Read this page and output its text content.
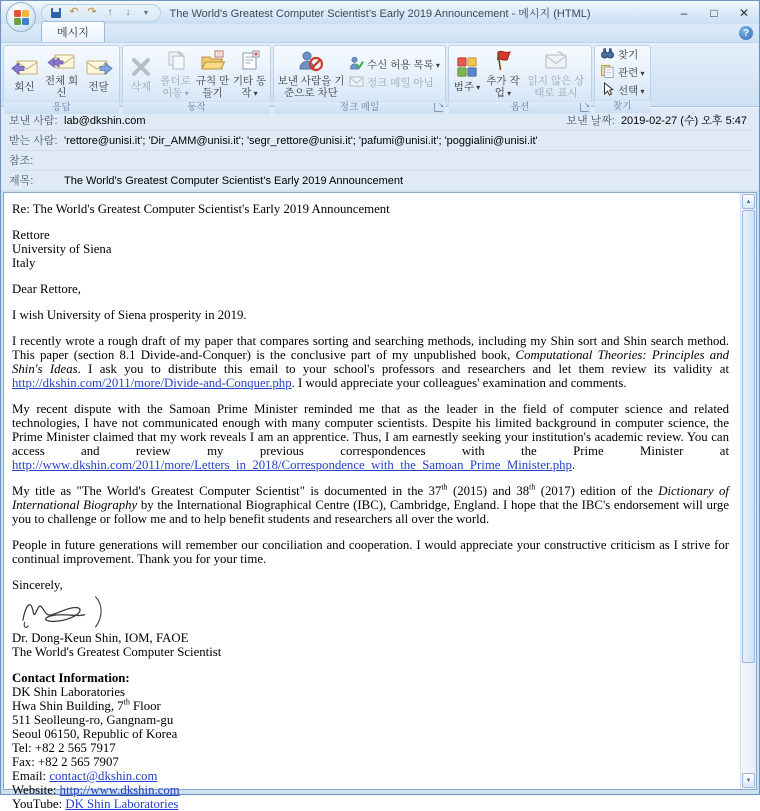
↶
↷
↑
↓
▾
The World's Greatest Computer Scientist's Early 2019 Announcement - 메시지 (HTML)	–	□	✕
메시지	?
회신
전체 회신
전달
응답
삭제
폴더로 이동 ▾
규칙 만들기
기타 동작 ▾
동작
보낸 사람을 기준으로 차단
수신 허용 목록 ▾
정크 메일 아님
정크 메일
↘
범주 ▾
추가 작업 ▾
읽지 않은 상태로 표시
옵션
↘
찾기
관련 ▾
선택 ▾
찾기
보낸 사람: lab@dkshin.com	보낸 날짜: 2019-02-27 (수) 오후 5:47
받는 사람: 'rettore@unisi.it'; 'Dir_AMM@unisi.it'; 'segr_rettore@unisi.it'; 'pafumi@unisi.it'; 'poggialini@unisi.it'
참조:
제목:	The World's Greatest Computer Scientist's Early 2019 Announcement

Re: The World's Greatest Computer Scientist's Early 2019 Announcement

Rettore
University of Siena
Italy

Dear Rettore,

I wish University of Siena prosperity in 2019.

I recently wrote a rough draft of my paper that compares sorting and searching methods, including my Shin sort and Shin search method. This paper (section 8.1 Divide-and-Conquer) is the conclusive part of my unpublished book, Computational Theories: Principles and Shin's Ideas. I ask you to distribute this email to your school's professors and researchers and let them review its validity at http://dkshin.com/2011/more/Divide-and-Conquer.php. I would appreciate your colleagues' examination and comments.

My recent dispute with the Samoan Prime Minister reminded me that as the leader in the field of computer science and related technologies, I have not communicated enough with many computer scientists. Despite his limited background in computer science, the Prime Minister claimed that my work reveals I am an apprentice. Thus, I am earnestly seeking your institution's academic review. You can access and review my previous correspondences with the Prime Minister at http://www.dkshin.com/2011/more/Letters_in_2018/Correspondence_with_the_Samoan_Prime_Minister.php.

My title as "The World's Greatest Computer Scientist" is documented in the 37th (2015) and 38th (2017) edition of the Dictionary of International Biography by the International Biographical Centre (IBC), Cambridge, England. I hope that the IBC's endorsement will urge you to challenge or follow me and to help benefit students and researchers all over the world.

People in future generations will remember our conciliation and cooperation. I would appreciate your constructive criticism as I strive for continual improvement. Thank you for your time.

Sincerely,

Dr. Dong-Keun Shin, IOM, FAOE
The World's Greatest Computer Scientist
Contact Information:
DK Shin Laboratories
Hwa Shin Building, 7th Floor
511 Seolleung-ro, Gangnam-gu
Seoul 06150, Republic of Korea
Tel: +82 2 565 7917
Fax: +82 2 565 7907
Email: contact@dkshin.com
Website: http://www.dkshin.com
YouTube: DK Shin Laboratories
▲
▼
